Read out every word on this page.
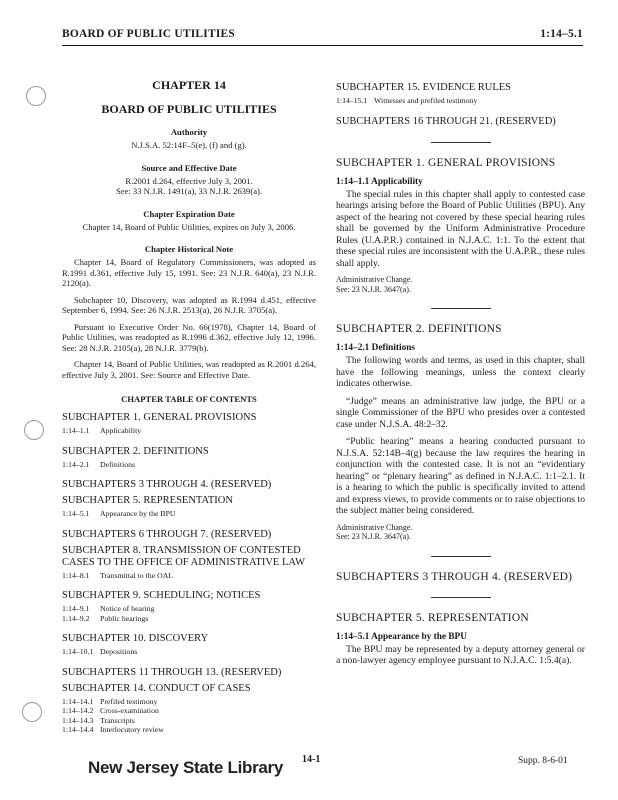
BOARD OF PUBLIC UTILITIES	1:14–5.1
CHAPTER 14
BOARD OF PUBLIC UTILITIES
Authority
N.J.S.A. 52:14F–5(e), (f) and (g).
Source and Effective Date
R.2001 d.264, effective July 3, 2001.
See: 33 N.J.R. 1491(a), 33 N.J.R. 2639(a).
Chapter Expiration Date
Chapter 14, Board of Public Utilities, expires on July 3, 2006.
Chapter Historical Note

Chapter 14, Board of Regulatory Commissioners, was adopted as R.1991 d.361, effective July 15, 1991. See: 23 N.J.R. 640(a), 23 N.J.R. 2120(a).

Subchapter 10, Discovery, was adopted as R.1994 d.451, effective September 6, 1994. See: 26 N.J.R. 2513(a), 26 N.J.R. 3705(a).

Pursuant to Executive Order No. 66(1978), Chapter 14, Board of Public Utilities, was readopted as R.1996 d.362, effective July 12, 1996. See: 28 N.J.R. 2105(a), 28 N.J.R. 3779(b).

Chapter 14, Board of Public Utilities, was readopted as R.2001 d.264, effective July 3, 2001. See: Source and Effective Date.

CHAPTER TABLE OF CONTENTS
SUBCHAPTER 1. GENERAL PROVISIONS
1:14–1.1	Applicability
SUBCHAPTER 2. DEFINITIONS
1:14–2.1	Definitions
SUBCHAPTERS 3 THROUGH 4. (RESERVED)
SUBCHAPTER 5. REPRESENTATION
1:14–5.1	Appearance by the BPU
SUBCHAPTERS 6 THROUGH 7. (RESERVED)
SUBCHAPTER 8. TRANSMISSION OF CONTESTED CASES TO THE OFFICE OF ADMINISTRATIVE LAW
1:14–8.1	Transmittal to the OAL
SUBCHAPTER 9. SCHEDULING; NOTICES
1:14–9.1	Notice of hearing
1:14–9.2	Public hearings
SUBCHAPTER 10. DISCOVERY
1:14–10.1 Depositions
SUBCHAPTERS 11 THROUGH 13. (RESERVED)
SUBCHAPTER 14. CONDUCT OF CASES
1:14–14.1 Prefiled testimony
1:14–14.2 Cross-examination
1:14–14.3 Transcripts
1:14–14.4 Interlocutory review
SUBCHAPTER 15. EVIDENCE RULES
1:14–15.1 Witnesses and prefiled testimony
SUBCHAPTERS 16 THROUGH 21. (RESERVED)
SUBCHAPTER 1. GENERAL PROVISIONS
1:14–1.1 Applicability

The special rules in this chapter shall apply to contested case hearings arising before the Board of Public Utilities (BPU). Any aspect of the hearing not covered by these special hearing rules shall be governed by the Uniform Administrative Procedure Rules (U.A.P.R.) contained in N.J.A.C. 1:1. To the extent that these special rules are inconsistent with the U.A.P.R., these rules shall apply.

Administrative Change.

See: 23 N.J.R. 3647(a).

SUBCHAPTER 2. DEFINITIONS
1:14–2.1 Definitions

The following words and terms, as used in this chapter, shall have the following meanings, unless the context clearly indicates otherwise.

“Judge” means an administrative law judge, the BPU or a single Commissioner of the BPU who presides over a contested case under N.J.S.A. 48:2–32.

“Public hearing” means a hearing conducted pursuant to N.J.S.A. 52:14B–4(g) because the law requires the hearing in conjunction with the contested case. It is not an “evidentiary hearing” or “plenary hearing” as defined in N.J.A.C. 1:1–2.1. It is a hearing to which the public is specifically invited to attend and express views, to provide comments or to raise objections to the subject matter being considered.

Administrative Change.

See: 23 N.J.R. 3647(a).

SUBCHAPTERS 3 THROUGH 4. (RESERVED)
SUBCHAPTER 5. REPRESENTATION
1:14–5.1 Appearance by the BPU

The BPU may be represented by a deputy attorney general or a non-lawyer agency employee pursuant to N.J.A.C. 1:5.4(a).

14-1	Supp. 8-6-01
New Jersey State Library
